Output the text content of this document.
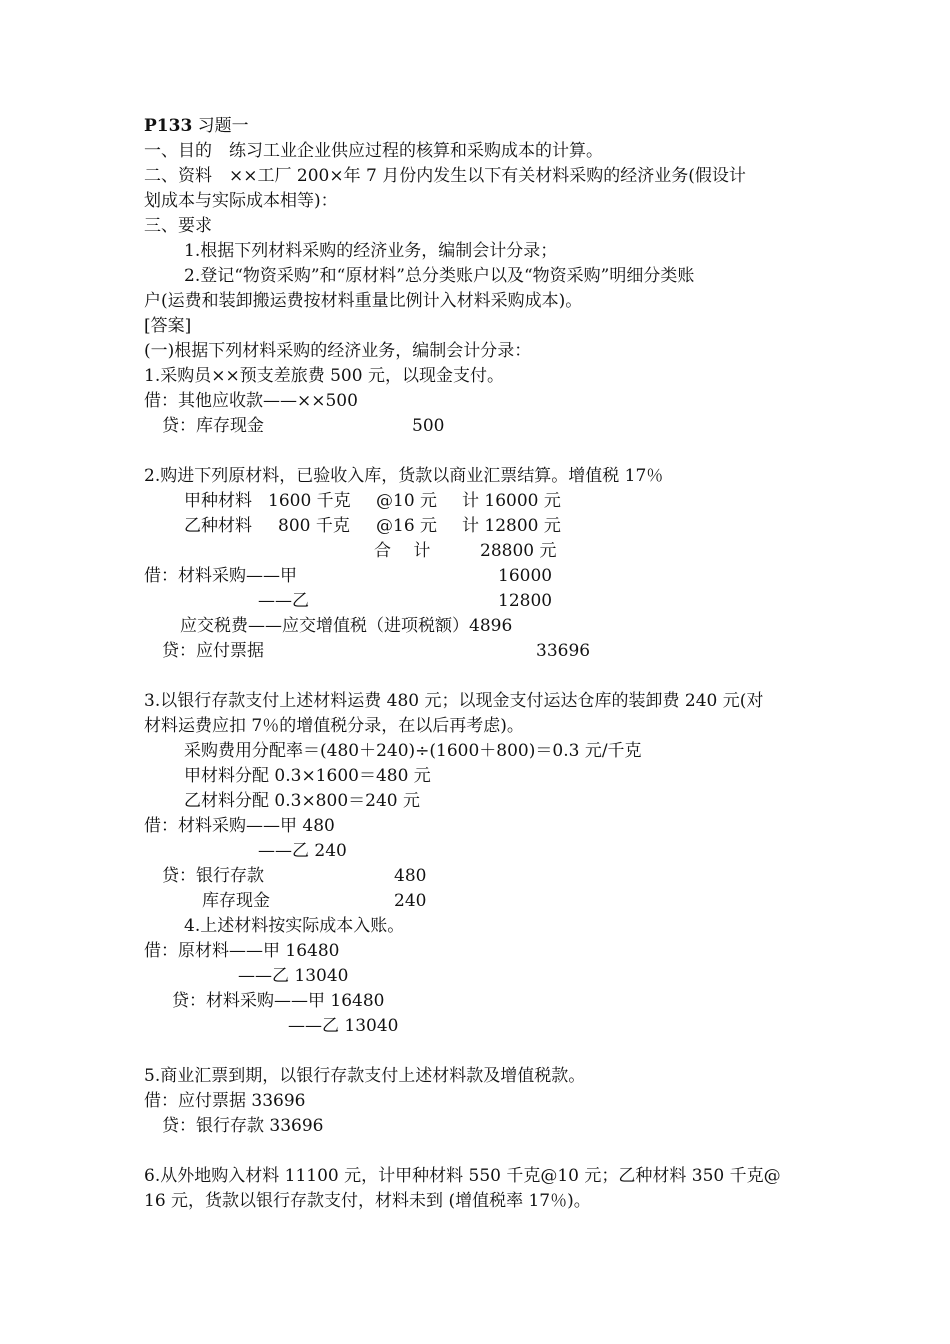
P133 习题一
一、目的　练习工业企业供应过程的核算和采购成本的计算。
二、资料　××工厂 200×年 7 月份内发生以下有关材料采购的经济业务(假设计
划成本与实际成本相等)：
三、要求
1.根据下列材料采购的经济业务，编制会计分录；
2.登记“物资采购”和“原材料”总分类账户以及“物资采购”明细分类账
户(运费和装卸搬运费按材料重量比例计入材料采购成本)。
[答案]
(一)根据下列材料采购的经济业务，编制会计分录：
1.采购员××预支差旅费 500 元，以现金支付。
借：其他应收款——××500
贷：库存现金	500
2.购进下列原材料，已验收入库，货款以商业汇票结算。增值税 17％
甲种材料 1600 千克 @10 元 计 16000 元
乙种材料 800 千克 @16 元 计 12800 元
合　 计	28800 元
借：材料采购——甲	16000
——乙	12800
应交税费——应交增值税（进项税额）4896
贷：应付票据	33696
3.以银行存款支付上述材料运费 480 元；以现金支付运达仓库的装卸费 240 元(对
材料运费应扣 7％的增值税分录，在以后再考虑)。
采购费用分配率＝(480＋240)÷(1600＋800)＝0.3 元/千克
甲材料分配 0.3×1600＝480 元
乙材料分配 0.3×800＝240 元
借：材料采购——甲 480
——乙 240
贷：银行存款	480
库存现金	240
4.上述材料按实际成本入账。
借：原材料——甲 16480
——乙 13040
贷：材料采购——甲 16480
——乙 13040
5.商业汇票到期，以银行存款支付上述材料款及增值税款。
借：应付票据 33696
贷：银行存款 33696
6.从外地购入材料 11100 元，计甲种材料 550 千克@10 元；乙种材料 350 千克@
16 元，货款以银行存款支付，材料未到 (增值税率 17％)。
